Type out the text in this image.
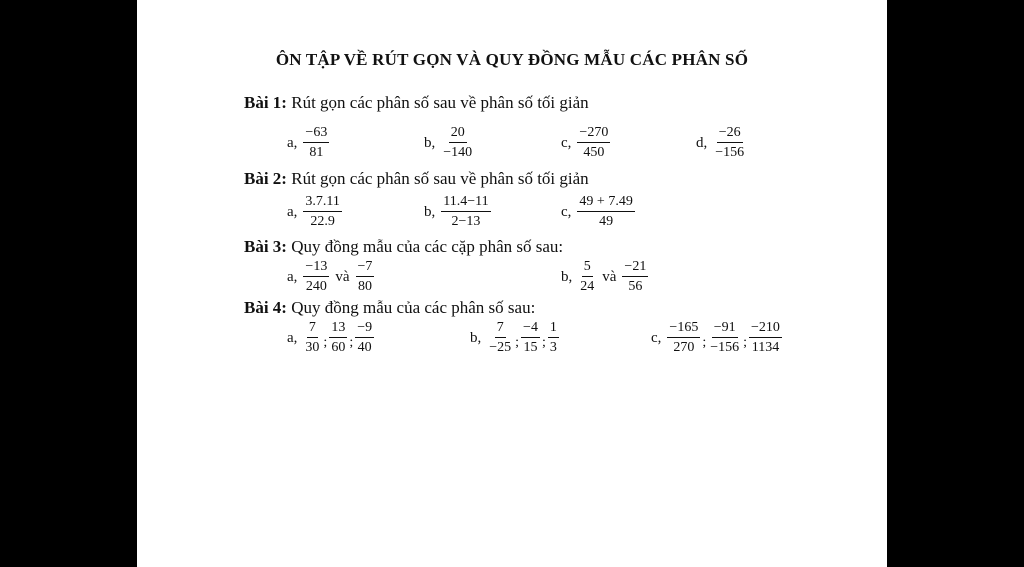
ÔN TẬP VỀ RÚT GỌN VÀ QUY ĐỒNG MẪU CÁC PHÂN SỐ
Bài 1: Rút gọn các phân số sau về phân số tối giản
a, $\frac{-63}{81}$	b, $\frac{20}{-140}$	c, $\frac{-270}{450}$	d, $\frac{-26}{-156}$
Bài 2: Rút gọn các phân số sau về phân số tối giản
a, $\frac{3.7.11}{22.9}$	b, $\frac{11.4-11}{2-13}$	c, $\frac{49 + 7.49}{49}$
Bài 3: Quy đồng mẫu của các cặp phân số sau:
a, $\frac{-13}{240}$ và $\frac{-7}{80}$	b, $\frac{5}{24}$ và $\frac{-21}{56}$
Bài 4: Quy đồng mẫu của các phân số sau:
a, $\frac{7}{30}$ ; $\frac{13}{60}$ ; $\frac{-9}{40}$	b, $\frac{7}{-25}$ ; $\frac{-4}{15}$ ; $\frac{1}{3}$	c, $\frac{-165}{270}$ ; $\frac{-91}{-156}$ ; $\frac{-210}{1134}$
